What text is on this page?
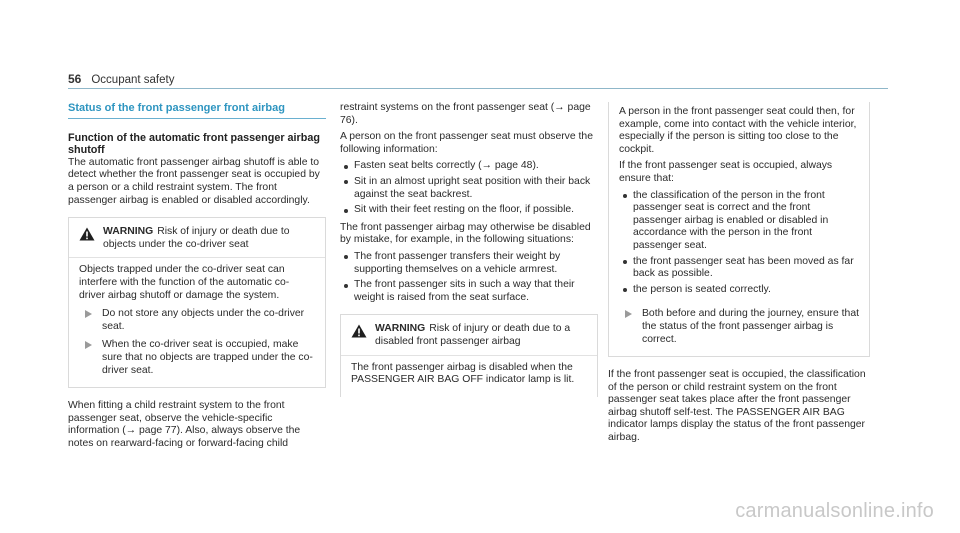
56 Occupant safety
Status of the front passenger front airbag

Function of the automatic front passenger airbag shutoff

The automatic front passenger airbag shutoff is able to detect whether the front passenger seat is occupied by a person or a child restraint system. The front passenger airbag is enabled or disabled accordingly.

WARNING Risk of injury or death due to objects under the co-driver seat

Objects trapped under the co-driver seat can interfere with the function of the automatic co-driver airbag shutoff or damage the system.

Do not store any objects under the co-driver seat.
When the co-driver seat is occupied, make sure that no objects are trapped under the co-driver seat.

When fitting a child restraint system to the front passenger seat, observe the vehicle-specific information (→ page 77). Also, always observe the notes on rearward-facing or forward-facing child

restraint systems on the front passenger seat (→ page 76).

A person on the front passenger seat must observe the following information:

Fasten seat belts correctly (→ page 48).
Sit in an almost upright seat position with their back against the seat backrest.
Sit with their feet resting on the floor, if possible.

The front passenger airbag may otherwise be disabled by mistake, for example, in the following situations:

The front passenger transfers their weight by supporting themselves on a vehicle armrest.
The front passenger sits in such a way that their weight is raised from the seat surface.
WARNING Risk of injury or death due to a disabled front passenger airbag

The front passenger airbag is disabled when the PASSENGER AIR BAG OFF indicator lamp is lit.

A person in the front passenger seat could then, for example, come into contact with the vehicle interior, especially if the person is sitting too close to the cockpit.

If the front passenger seat is occupied, always ensure that:

the classification of the person in the front passenger seat is correct and the front passenger airbag is enabled or disabled in accordance with the person in the front passenger seat.
the front passenger seat has been moved as far back as possible.
the person is seated correctly.
Both before and during the journey, ensure that the status of the front passenger airbag is correct.

If the front passenger seat is occupied, the classification of the person or child restraint system on the front passenger seat takes place after the front passenger airbag shutoff self-test. The PASSENGER AIR BAG indicator lamps display the status of the front passenger airbag.

carmanualsonline.info
